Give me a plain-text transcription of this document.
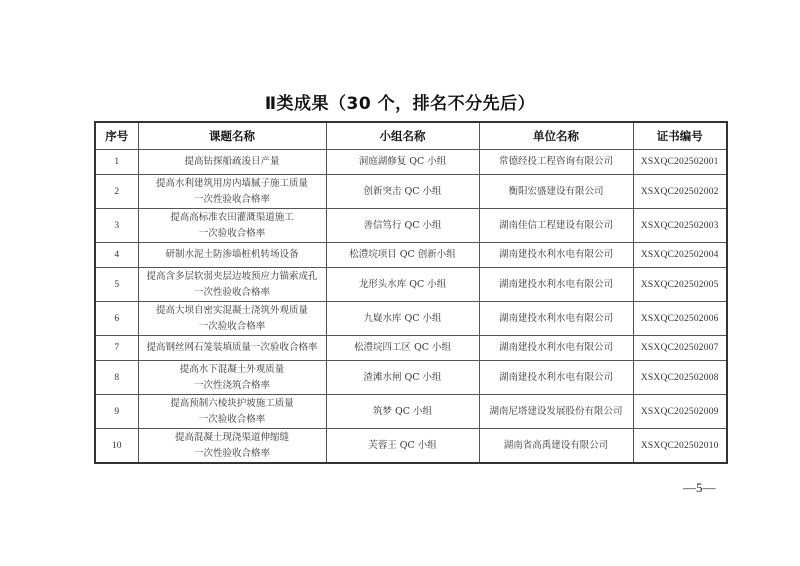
Ⅱ类成果（30 个，排名不分先后）
序号	课题名称	小组名称	单位名称	证书编号
1	提高钻探船疏浚日产量	洞庭湖修复 QC 小组	常德经投工程咨询有限公司	XSXQC202502001
2	提高水利建筑用房内墙腻子施工质量
一次性验收合格率	创新突击 QC 小组	衡阳宏盛建设有限公司	XSXQC202502002
3	提高高标准农田灌溉渠道施工
一次验收合格率	善信笃行 QC 小组	湖南佳信工程建设有限公司	XSXQC202502003
4	研制水泥土防渗墙桩机转场设备	松澧垸项目 QC 创新小组	湖南建投水利水电有限公司	XSXQC202502004
5	提高含多层软弱夹层边坡预应力锚索成孔
一次性验收合格率	龙形头水库 QC 小组	湖南建投水利水电有限公司	XSXQC202502005
6	提高大坝自密实混凝土浇筑外观质量
一次验收合格率	九嶷水库 QC 小组	湖南建投水利水电有限公司	XSXQC202502006
7	提高钢丝网石笼装填质量一次验收合格率	松澧垸四工区 QC 小组	湖南建投水利水电有限公司	XSXQC202502007
8	提高水下混凝土外观质量
一次性浇筑合格率	渣滩水闸 QC 小组	湖南建投水利水电有限公司	XSXQC202502008
9	提高预制六棱块护坡施工质量
一次验收合格率	筑梦 QC 小组	湖南尼塔建设发展股份有限公司	XSXQC202502009
10	提高混凝土现浇渠道伸缩缝
一次性验收合格率	芙蓉王 QC 小组	湖南省高禹建设有限公司	XSXQC202502010
—5—
